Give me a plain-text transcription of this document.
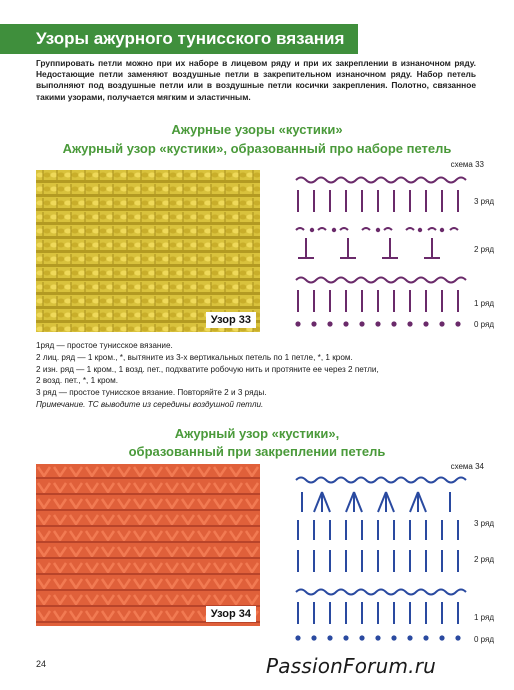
Узоры ажурного тунисского вязания
Группировать петли можно при их наборе в лицевом ряду и при их закреплении в изнаночном ряду. Недостающие петли заменяют воздушные петли в закрепительном изнаночном ряду. Набор петель выполняют под воздушные петли или в воздушные петли косички закрепления. Полотно, связанное такими узорами, получается мягким и эластичным.
Ажурные узоры «кустики»
Ажурный узор «кустики», образованный про наборе петель
Узор 33
схема 33
3 ряд
2 ряд
1 ряд
0 ряд
1ряд — простое тунисское вязание.
2 лиц. ряд — 1 кром., *, вытяните из 3-х вертикальных петель по 1 петле, *, 1 кром.
2 изн. ряд — 1 кром., 1 возд. пет., подхватите робочую нить и протяните ее через 2 петли,
2 возд. пет., *, 1 кром.
3 ряд — простое тунисское вязание. Повторяйте 2 и 3 ряды.
Примечание. ТС выводите из середины воздушной петли.
Ажурный узор «кустики»,
образованный при закреплении петель
Узор 34
схема 34
3 ряд
2 ряд
1 ряд
0 ряд
24	PassionForum.ru
